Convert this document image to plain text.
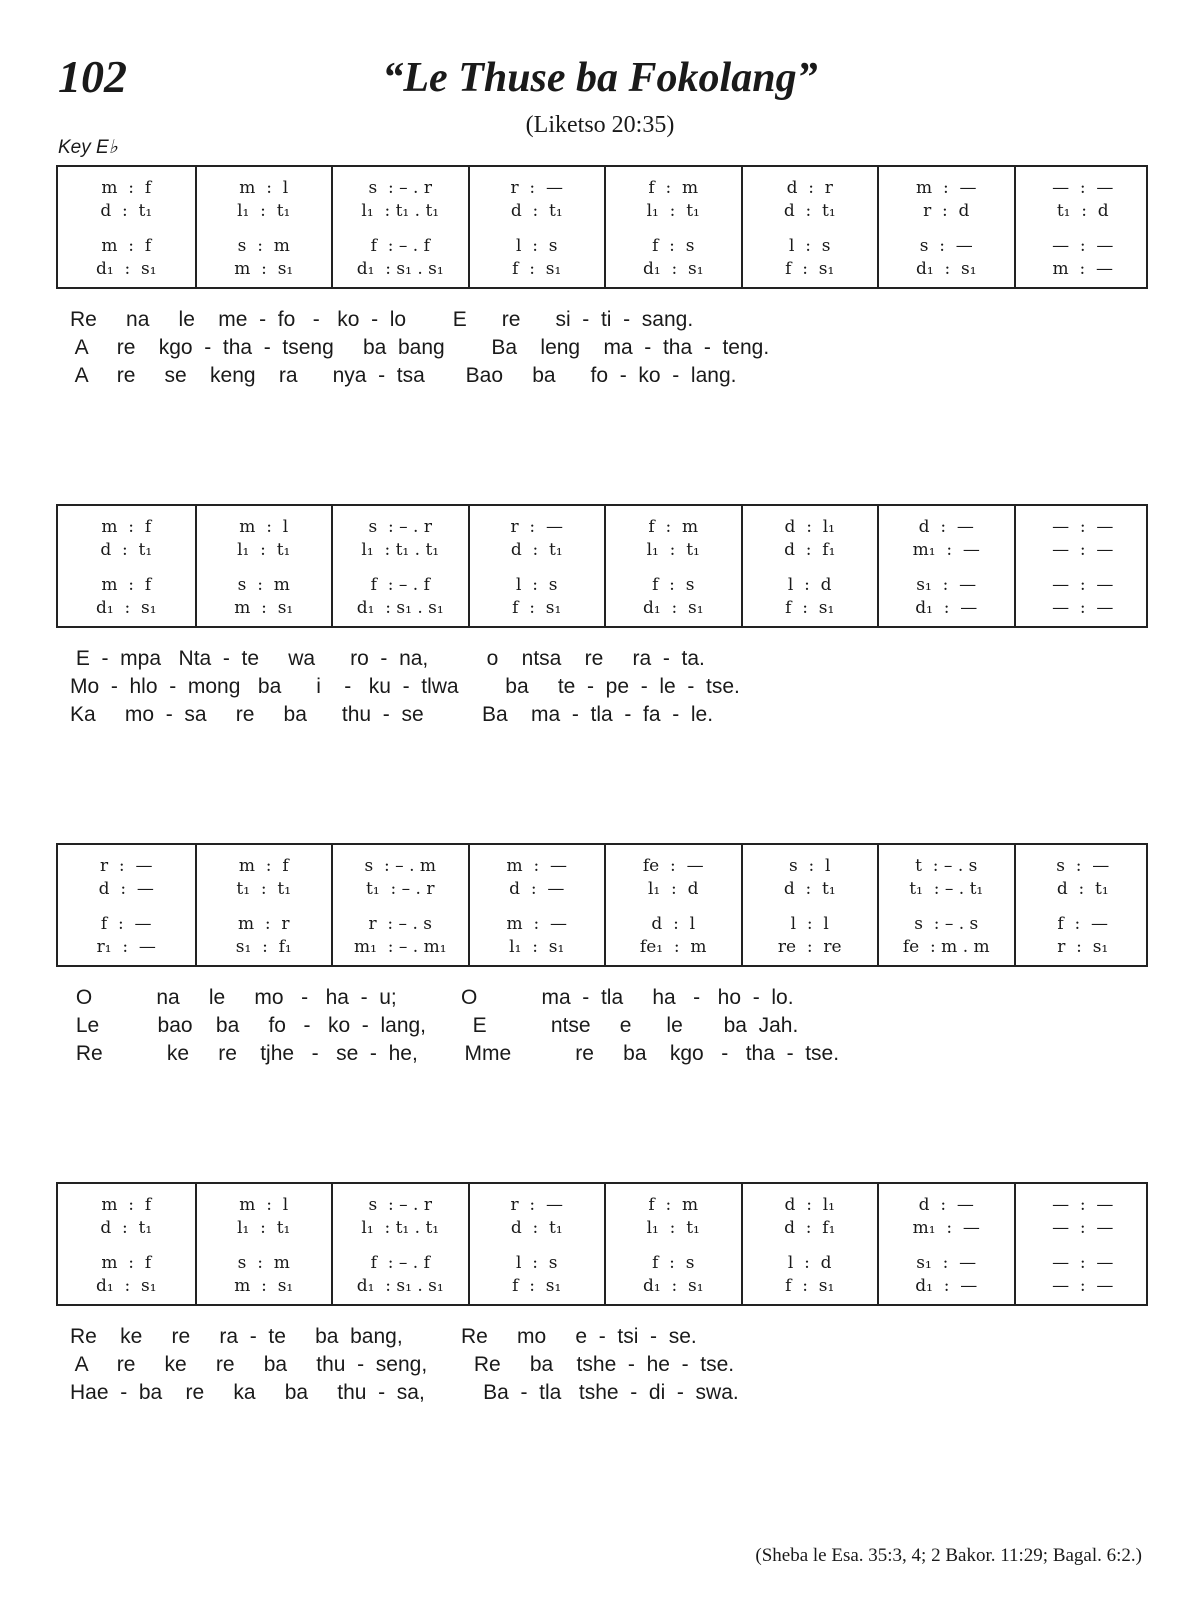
102	“Le Thuse ba Fokolang”
(Liketso 20:35)
Key E♭
m  :  f
d  :  t₁
m  :  f
d₁  :  s₁
m  :  l
l₁  :  t₁
s  :  m
m  :  s₁
s  : – . r
l₁  : t₁ . t₁
f  : – . f
d₁  : s₁ . s₁
r  :  —
d  :  t₁
l  :  s
f  :  s₁
f  :  m
l₁  :  t₁
f  :  s
d₁  :  s₁
d  :  r
d  :  t₁
l  :  s
f  :  s₁
m  :  —
r  :  d
s  :  —
d₁  :  s₁
—  :  —
t₁  :  d
—  :  —
m  :  —
Re     na     le    me  -  fo   -   ko  -  lo        E      re      si  -  ti  -  sang.
A     re    kgo  -  tha  -  tseng     ba  bang        Ba    leng    ma  -  tha  -  teng.
A     re     se    keng    ra      nya  -  tsa       Bao     ba      fo  -  ko  -  lang.
m  :  f
d  :  t₁
m  :  f
d₁  :  s₁
m  :  l
l₁  :  t₁
s  :  m
m  :  s₁
s  : – . r
l₁  : t₁ . t₁
f  : – . f
d₁  : s₁ . s₁
r  :  —
d  :  t₁
l  :  s
f  :  s₁
f  :  m
l₁  :  t₁
f  :  s
d₁  :  s₁
d  :  l₁
d  :  f₁
l  :  d
f  :  s₁
d  :  —
m₁  :  —
s₁  :  —
d₁  :  —
—  :  —
—  :  —
—  :  —
—  :  —
E  -  mpa   Nta  -  te     wa      ro  -  na,          o    ntsa    re     ra  -  ta.
Mo  -  hlo  -  mong   ba      i    -   ku  -  tlwa        ba     te  -  pe  -  le  -  tse.
Ka     mo  -  sa     re     ba      thu  -  se          Ba    ma  -  tla  -  fa  -  le.
r  :  —
d  :  —
f  :  —
r₁  :  —
m  :  f
t₁  :  t₁
m  :  r
s₁  :  f₁
s  : – . m
t₁  : – . r
r  : – . s
m₁  : – . m₁
m  :  —
d  :  —
m  :  —
l₁  :  s₁
fe  :  —
l₁  :  d
d  :  l
fe₁  :  m
s  :  l
d  :  t₁
l  :  l
re  :  re
t  : – . s
t₁  : – . t₁
s  : – . s
fe  : m . m
s  :  —
d  :  t₁
f  :  —
r  :  s₁
O           na     le     mo   -   ha  -  u;           O           ma  -  tla     ha   -   ho  -  lo.
Le          bao    ba     fo   -   ko  -  lang,        E           ntse     e      le       ba  Jah.
Re           ke     re    tjhe   -   se  -  he,        Mme           re     ba    kgo   -   tha  -  tse.
m  :  f
d  :  t₁
m  :  f
d₁  :  s₁
m  :  l
l₁  :  t₁
s  :  m
m  :  s₁
s  : – . r
l₁  : t₁ . t₁
f  : – . f
d₁  : s₁ . s₁
r  :  —
d  :  t₁
l  :  s
f  :  s₁
f  :  m
l₁  :  t₁
f  :  s
d₁  :  s₁
d  :  l₁
d  :  f₁
l  :  d
f  :  s₁
d  :  —
m₁  :  —
s₁  :  —
d₁  :  —
—  :  —
—  :  —
—  :  —
—  :  —
Re    ke     re     ra  -  te     ba  bang,          Re     mo     e  -  tsi  -  se.
A     re     ke     re     ba     thu  -  seng,        Re     ba    tshe  -  he  -  tse.
Hae  -  ba    re     ka     ba     thu  -  sa,          Ba  -  tla   tshe  -  di  -  swa.
(Sheba le Esa. 35:3, 4; 2 Bakor. 11:29; Bagal. 6:2.)
